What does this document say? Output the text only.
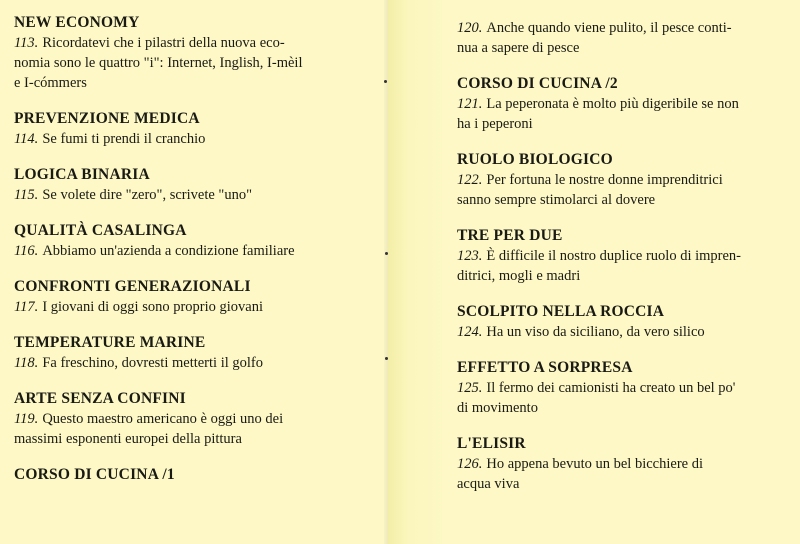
NEW ECONOMY
113. Ricordatevi che i pilastri della nuova eco-
nomia sono le quattro "i": Internet, Inglish, I-mèil
e I-cómmers
PREVENZIONE MEDICA
114. Se fumi ti prendi il cranchio
LOGICA BINARIA
115. Se volete dire "zero", scrivete "uno"
QUALITÀ CASALINGA
116. Abbiamo un'azienda a condizione familiare
CONFRONTI GENERAZIONALI
117. I giovani di oggi sono proprio giovani
TEMPERATURE MARINE
118. Fa freschino, dovresti metterti il golfo
ARTE SENZA CONFINI
119. Questo maestro americano è oggi uno dei
massimi esponenti europei della pittura
CORSO DI CUCINA /1
120. Anche quando viene pulito, il pesce conti-
nua a sapere di pesce
CORSO DI CUCINA /2
121. La peperonata è molto più digeribile se non
ha i peperoni
RUOLO BIOLOGICO
122. Per fortuna le nostre donne imprenditrici
sanno sempre stimolarci al dovere
TRE PER DUE
123. È difficile il nostro duplice ruolo di impren-
ditrici, mogli e madri
SCOLPITO NELLA ROCCIA
124. Ha un viso da siciliano, da vero silico
EFFETTO A SORPRESA
125. Il fermo dei camionisti ha creato un bel po'
di movimento
L'ELISIR
126. Ho appena bevuto un bel bicchiere di
acqua viva
